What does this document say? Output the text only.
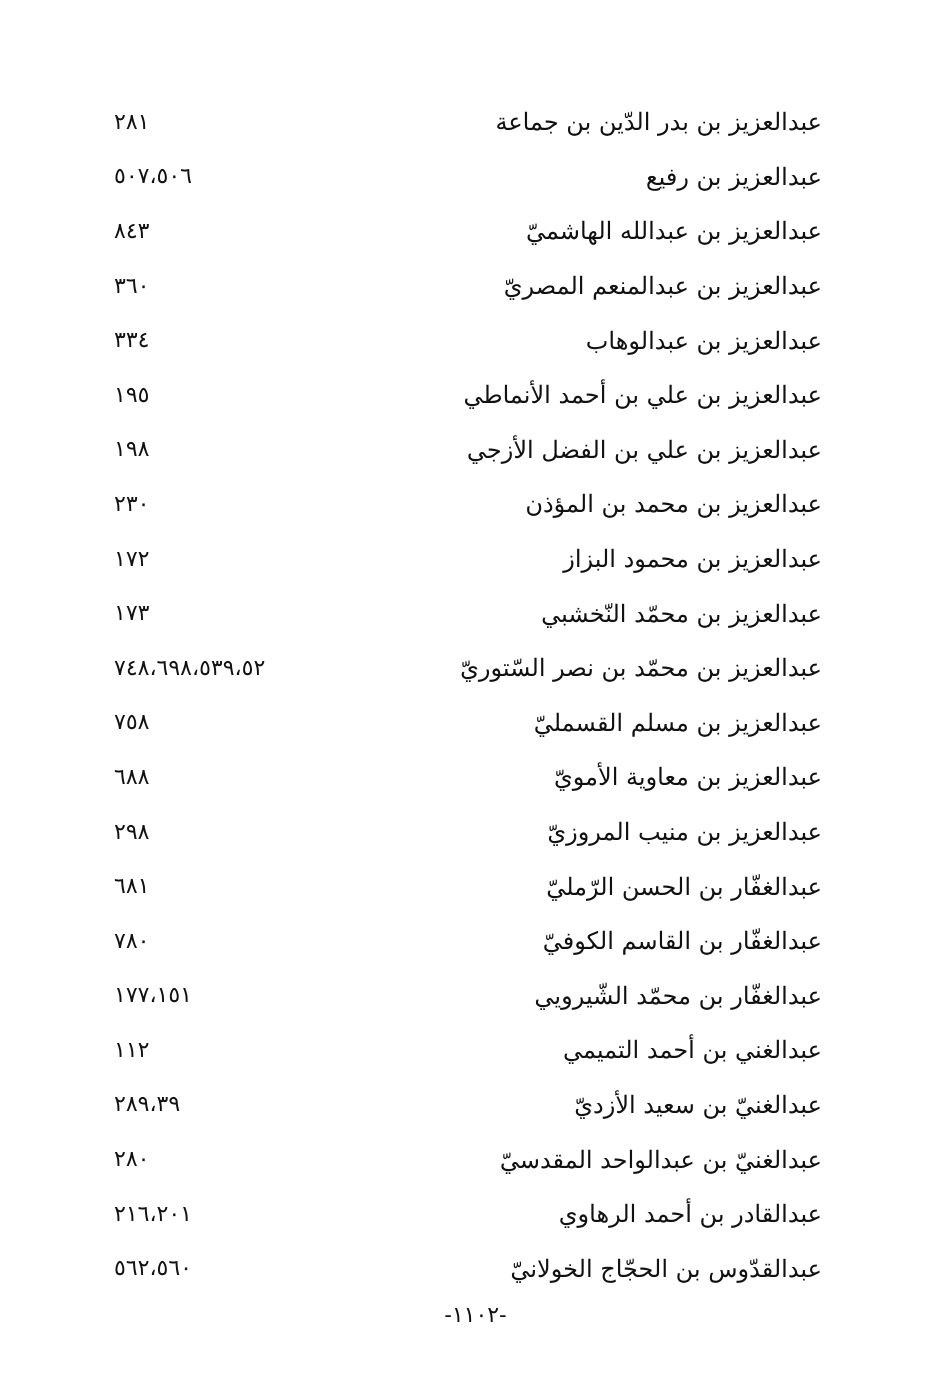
عبدالعزيز بن بدر الدّين بن جماعة
٢٨١
عبدالعزيز بن رفيع
٥٠٧،٥٠٦
عبدالعزيز بن عبدالله الهاشميّ
٨٤٣
عبدالعزيز بن عبدالمنعم المصريّ
٣٦٠
عبدالعزيز بن عبدالوهاب
٣٣٤
عبدالعزيز بن علي بن أحمد الأنماطي
١٩٥
عبدالعزيز بن علي بن الفضل الأزجي
١٩٨
عبدالعزيز بن محمد بن المؤذن
٢٣٠
عبدالعزيز بن محمود البزاز
١٧٢
عبدالعزيز بن محمّد النّخشبي
١٧٣
عبدالعزيز بن محمّد بن نصر السّتوريّ
٧٤٨،٦٩٨،٥٣٩،٥٢
عبدالعزيز بن مسلم القسمليّ
٧٥٨
عبدالعزيز بن معاوية الأمويّ
٦٨٨
عبدالعزيز بن منيب المروزيّ
٢٩٨
عبدالغفّار بن الحسن الرّمليّ
٦٨١
عبدالغفّار بن القاسم الكوفيّ
٧٨٠
عبدالغفّار بن محمّد الشّيرويي
١٧٧،١٥١
عبدالغني بن أحمد التميمي
١١٢
عبدالغنيّ بن سعيد الأزديّ
٢٨٩،٣٩
عبدالغنيّ بن عبدالواحد المقدسيّ
٢٨٠
عبدالقادر بن أحمد الرهاوي
٢١٦،٢٠١
عبدالقدّوس بن الحجّاج الخولانيّ
٥٦٢،٥٦٠
-١١٠٢-
